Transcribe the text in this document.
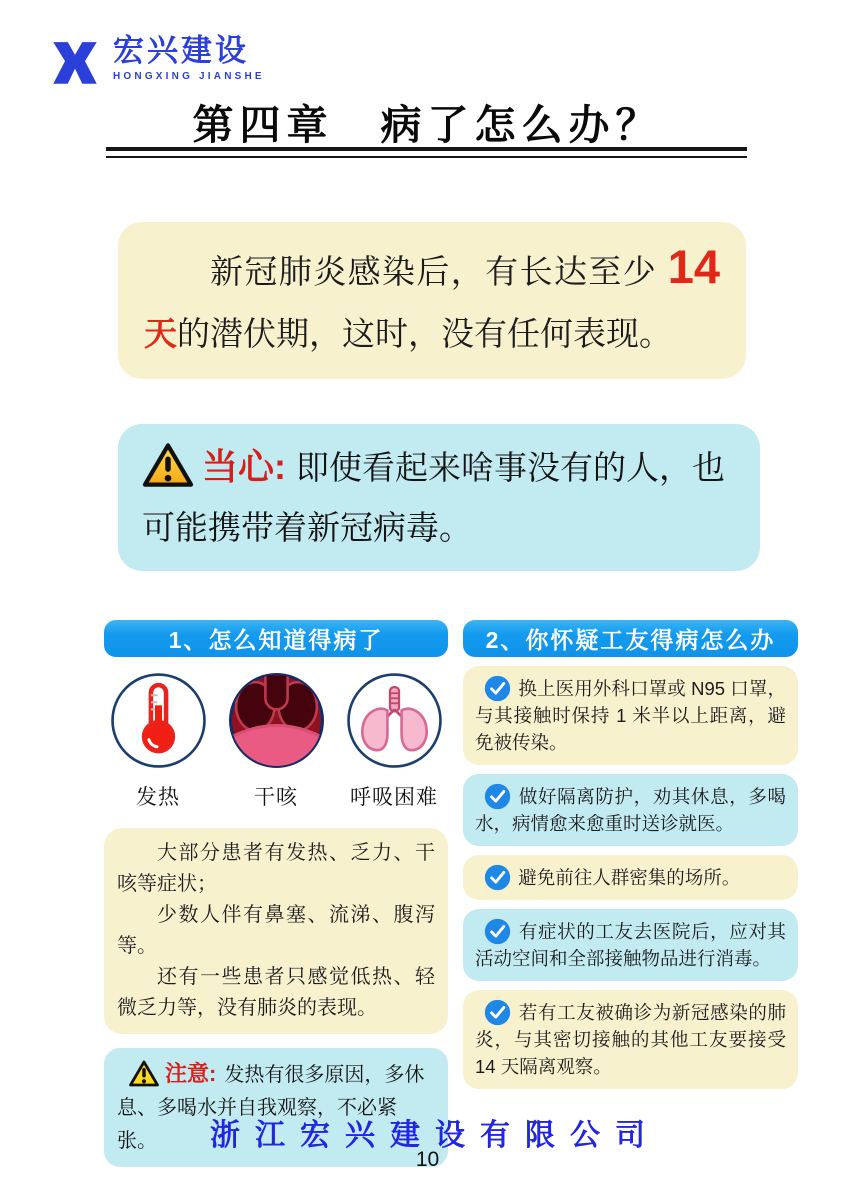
宏兴建设
HONGXING JIANSHE
第四章　病了怎么办？

新冠肺炎感染后，有长达至少 14天的潜伏期，这时，没有任何表现。

当心: 即使看起来啥事没有的人，也可能携带着新冠病毒。

1、怎么知道得病了
发热	干咳	呼吸困难

大部分患者有发热、乏力、干咳等症状；

少数人伴有鼻塞、流涕、腹泻等。

还有一些患者只感觉低热、轻微乏力等，没有肺炎的表现。

注意: 发热有很多原因，多休息、多喝水并自我观察，不必紧张。

2、你怀疑工友得病怎么办

换上医用外科口罩或 N95 口罩，与其接触时保持 1 米半以上距离，避免被传染。

做好隔离防护，劝其休息，多喝水，病情愈来愈重时送诊就医。

避免前往人群密集的场所。

有症状的工友去医院后，应对其活动空间和全部接触物品进行消毒。

若有工友被确诊为新冠感染的肺炎，与其密切接触的其他工友要接受 14 天隔离观察。

浙江宏兴建设有限公司
10
